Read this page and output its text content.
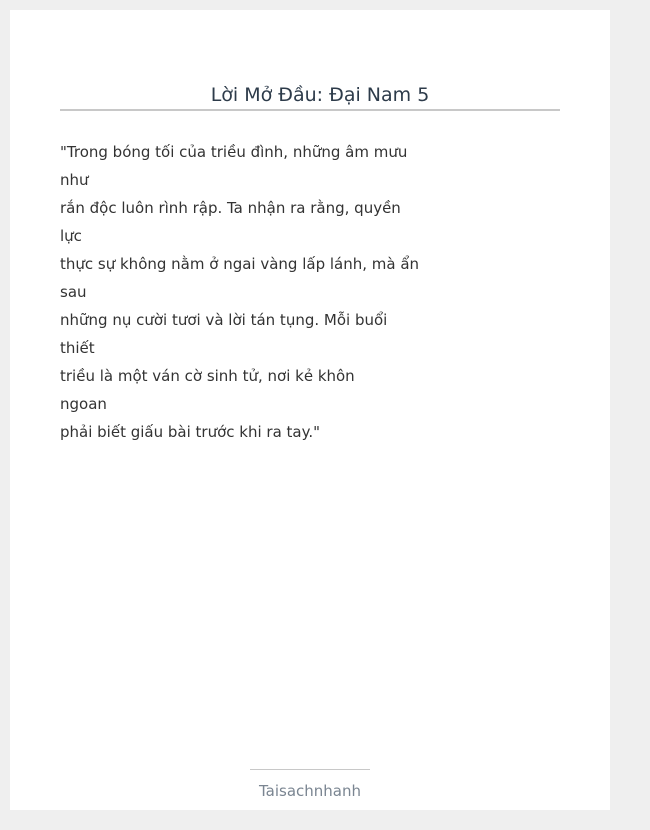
Lời Mở Đầu: Đại Nam 5
"Trong bóng tối của triều đình, những âm mưu
như
rắn độc luôn rình rập. Ta nhận ra rằng, quyền
lực
thực sự không nằm ở ngai vàng lấp lánh, mà ẩn
sau
những nụ cười tươi và lời tán tụng. Mỗi buổi
thiết
triều là một ván cờ sinh tử, nơi kẻ khôn
ngoan
phải biết giấu bài trước khi ra tay."
Taisachnhanh
